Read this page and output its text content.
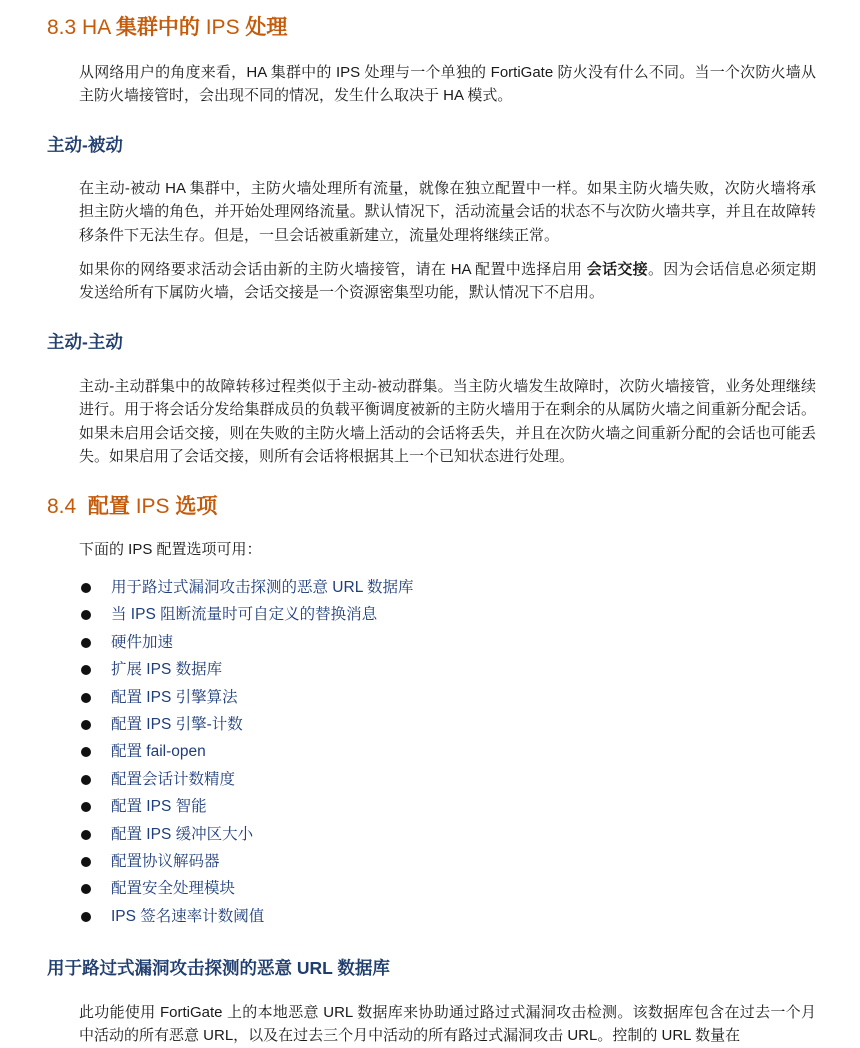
8.3 HA 集群中的 IPS 处理

从网络用户的角度来看，HA 集群中的 IPS 处理与一个单独的 FortiGate 防火没有什么不同。当一个次防火墙从主防火墙接管时，会出现不同的情况，发生什么取决于 HA 模式。

主动-被动

在主动-被动 HA 集群中，主防火墙处理所有流量，就像在独立配置中一样。如果主防火墙失败，次防火墙将承担主防火墙的角色，并开始处理网络流量。默认情况下，活动流量会话的状态不与次防火墙共享，并且在故障转移条件下无法生存。但是，一旦会话被重新建立，流量处理将继续正常。

如果你的网络要求活动会话由新的主防火墙接管，请在 HA 配置中选择启用 会话交接。因为会话信息必须定期发送给所有下属防火墙，会话交接是一个资源密集型功能，默认情况下不启用。

主动-主动

主动-主动群集中的故障转移过程类似于主动-被动群集。当主防火墙发生故障时，次防火墙接管，业务处理继续进行。用于将会话分发给集群成员的负载平衡调度被新的主防火墙用于在剩余的从属防火墙之间重新分配会话。如果未启用会话交接，则在失败的主防火墙上活动的会话将丢失，并且在次防火墙之间重新分配的会话也可能丢失。如果启用了会话交接，则所有会话将根据其上一个已知状态进行处理。

8.4 配置 IPS 选项

下面的 IPS 配置选项可用：

用于路过式漏洞攻击探测的恶意 URL 数据库
当 IPS 阻断流量时可自定义的替换消息
硬件加速
扩展 IPS 数据库
配置 IPS 引擎算法
配置 IPS 引擎-计数
配置 fail-open
配置会话计数精度
配置 IPS 智能
配置 IPS 缓冲区大小
配置协议解码器
配置安全处理模块
IPS 签名速率计数阈值
用于路过式漏洞攻击探测的恶意 URL 数据库

此功能使用 FortiGate 上的本地恶意 URL 数据库来协助通过路过式漏洞攻击检测。该数据库包含在过去一个月中活动的所有恶意 URL，以及在过去三个月中活动的所有路过式漏洞攻击 URL。控制的 URL 数量在
